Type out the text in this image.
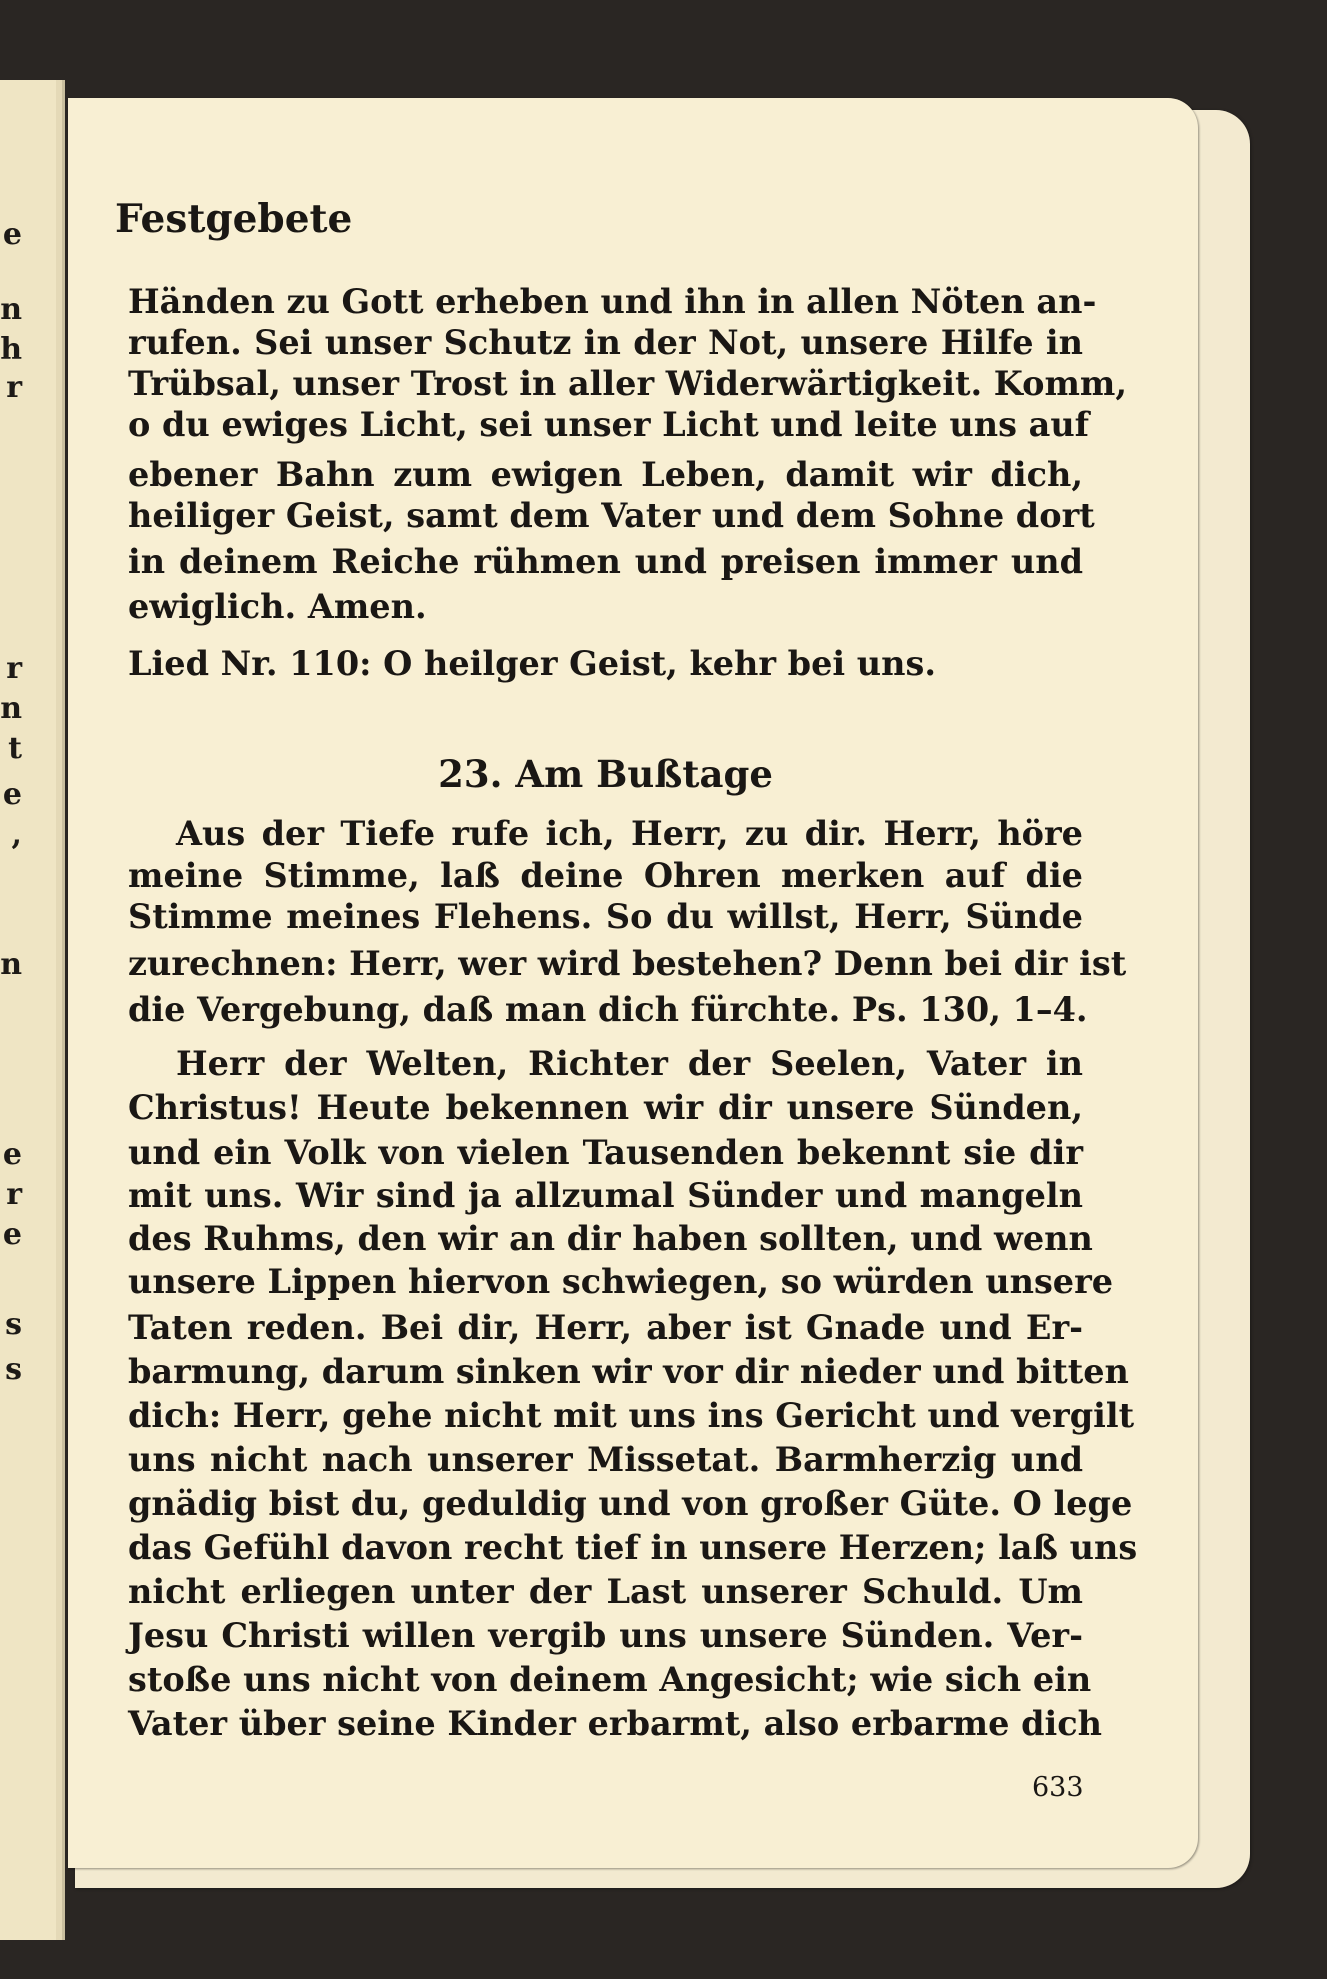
e
n
h
r
r
n
t
e
,
n
e
r
e
s
s
Festgebete
Händen zu Gott erheben und ihn in allen Nöten an-
rufen. Sei unser Schutz in der Not, unsere Hilfe in
Trübsal, unser Trost in aller Widerwärtigkeit. Komm,
o du ewiges Licht, sei unser Licht und leite uns auf
ebener Bahn zum ewigen Leben, damit wir dich,
heiliger Geist, samt dem Vater und dem Sohne dort
in deinem Reiche rühmen und preisen immer und
ewiglich. Amen.
Lied Nr. 110: O heilger Geist, kehr bei uns.
23. Am Bußtage
Aus der Tiefe rufe ich, Herr, zu dir. Herr, höre
meine Stimme, laß deine Ohren merken auf die
Stimme meines Flehens. So du willst, Herr, Sünde
zurechnen: Herr, wer wird bestehen? Denn bei dir ist
die Vergebung, daß man dich fürchte. Ps. 130, 1–4.
Herr der Welten, Richter der Seelen, Vater in
Christus! Heute bekennen wir dir unsere Sünden,
und ein Volk von vielen Tausenden bekennt sie dir
mit uns. Wir sind ja allzumal Sünder und mangeln
des Ruhms, den wir an dir haben sollten, und wenn
unsere Lippen hiervon schwiegen, so würden unsere
Taten reden. Bei dir, Herr, aber ist Gnade und Er-
barmung, darum sinken wir vor dir nieder und bitten
dich: Herr, gehe nicht mit uns ins Gericht und vergilt
uns nicht nach unserer Missetat. Barmherzig und
gnädig bist du, geduldig und von großer Güte. O lege
das Gefühl davon recht tief in unsere Herzen; laß uns
nicht erliegen unter der Last unserer Schuld. Um
Jesu Christi willen vergib uns unsere Sünden. Ver-
stoße uns nicht von deinem Angesicht; wie sich ein
Vater über seine Kinder erbarmt, also erbarme dich
633
